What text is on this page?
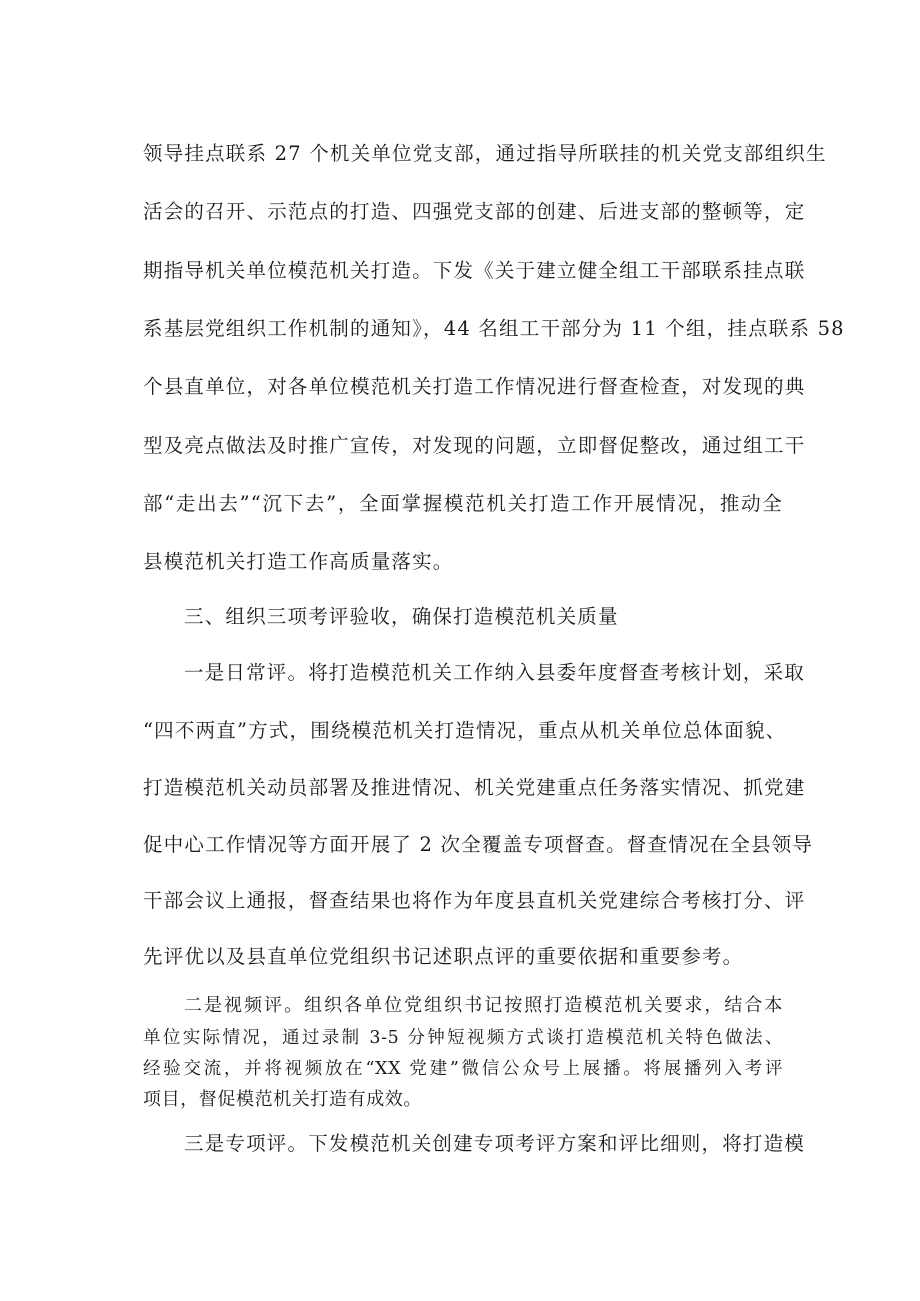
领导挂点联系 27 个机关单位党支部，通过指导所联挂的机关党支部组织生
活会的召开、示范点的打造、四强党支部的创建、后进支部的整顿等，定
期指导机关单位模范机关打造。下发《关于建立健全组工干部联系挂点联
系基层党组织工作机制的通知》，44 名组工干部分为 11 个组，挂点联系 58
个县直单位，对各单位模范机关打造工作情况进行督查检查，对发现的典
型及亮点做法及时推广宣传，对发现的问题，立即督促整改，通过组工干
部“走出去”“沉下去”，全面掌握模范机关打造工作开展情况，推动全
县模范机关打造工作高质量落实。
三、组织三项考评验收，确保打造模范机关质量
一是日常评。将打造模范机关工作纳入县委年度督查考核计划，采取
“四不两直”方式，围绕模范机关打造情况，重点从机关单位总体面貌、
打造模范机关动员部署及推进情况、机关党建重点任务落实情况、抓党建
促中心工作情况等方面开展了 2 次全覆盖专项督查。督查情况在全县领导
干部会议上通报，督查结果也将作为年度县直机关党建综合考核打分、评
先评优以及县直单位党组织书记述职点评的重要依据和重要参考。
二是视频评。组织各单位党组织书记按照打造模范机关要求，结合本
单位实际情况，通过录制 3-5 分钟短视频方式谈打造模范机关特色做法、
经验交流，并将视频放在“XX 党建”微信公众号上展播。将展播列入考评
项目，督促模范机关打造有成效。
三是专项评。下发模范机关创建专项考评方案和评比细则，将打造模
